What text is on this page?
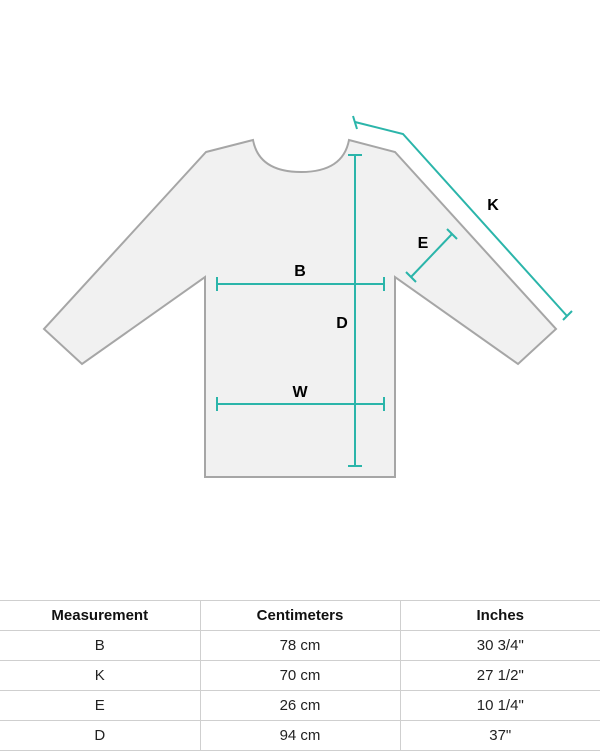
B
W
D
K
E
Measurement	Centimeters	Inches
B	78 cm	30 3/4"
K	70 cm	27 1/2"
E	26 cm	10 1/4"
D	94 cm	37"
